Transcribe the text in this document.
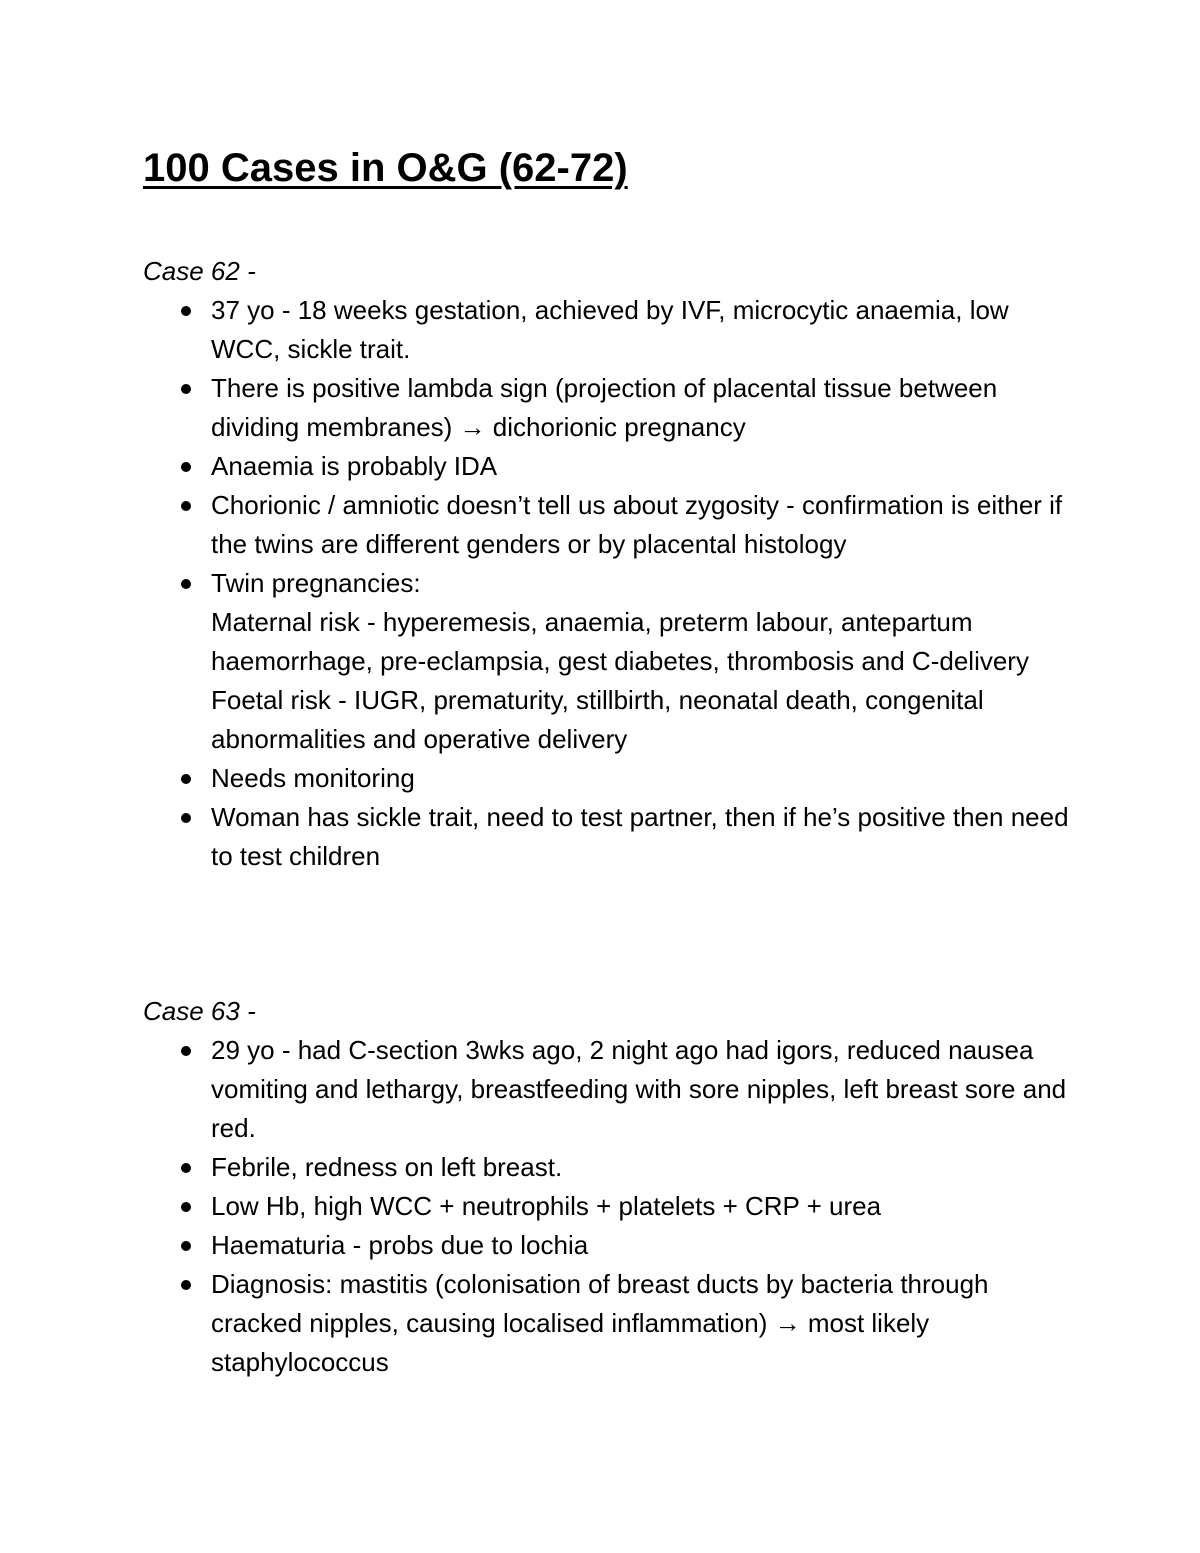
100 Cases in O&G (62-72)

Case 62 -

37 yo - 18 weeks gestation, achieved by IVF, microcytic anaemia, low WCC, sickle trait.
There is positive lambda sign (projection of placental tissue between dividing membranes) → dichorionic pregnancy
Anaemia is probably IDA
Chorionic / amniotic doesn’t tell us about zygosity - confirmation is either if the twins are different genders or by placental histology
Twin pregnancies:
Maternal risk - hyperemesis, anaemia, preterm labour, antepartum haemorrhage, pre-eclampsia, gest diabetes, thrombosis and C-delivery
Foetal risk - IUGR, prematurity, stillbirth, neonatal death, congenital abnormalities and operative delivery
Needs monitoring
Woman has sickle trait, need to test partner, then if he’s positive then need to test children

Case 63 -

29 yo - had C-section 3wks ago, 2 night ago had igors, reduced nausea vomiting and lethargy, breastfeeding with sore nipples, left breast sore and red.
Febrile, redness on left breast.
Low Hb, high WCC + neutrophils + platelets + CRP + urea
Haematuria - probs due to lochia
Diagnosis: mastitis (colonisation of breast ducts by bacteria through cracked nipples, causing localised inflammation) → most likely staphylococcus
